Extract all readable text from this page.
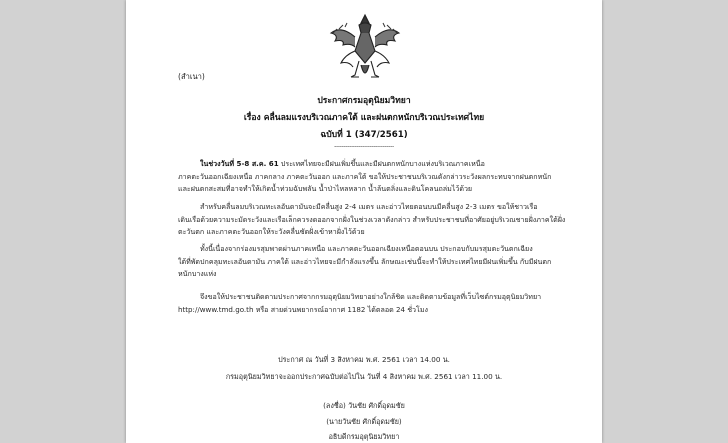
(สำเนา)
ประกาศกรมอุตุนิยมวิทยา
เรื่อง คลื่นลมแรงบริเวณภาคใต้ และฝนตกหนักบริเวณประเทศไทย
ฉบับที่ 1 (347/2561)
--------------------------------
ในช่วงวันที่ 5-8 ส.ค. 61 ประเทศไทยจะมีฝนเพิ่มขึ้นและมีฝนตกหนักบางแห่งบริเวณภาคเหนือ
ภาคตะวันออกเฉียงเหนือ ภาคกลาง ภาคตะวันออก และภาคใต้ ขอให้ประชาชนบริเวณดังกล่าวระวังผลกระทบจากฝนตกหนัก
และฝนตกสะสมที่อาจทำให้เกิดน้ำท่วมฉับพลัน น้ำป่าไหลหลาก น้ำล้นตลิ่งและดินโคลนถล่มไว้ด้วย
สำหรับคลื่นลมบริเวณทะเลอันดามันจะมีคลื่นสูง 2-4 เมตร และอ่าวไทยตอนบนมีคลื่นสูง 2-3 เมตร ขอให้ชาวเรือ
เดินเรือด้วยความระมัดระวังและเรือเล็กควรงดออกจากฝั่งในช่วงเวลาดังกล่าว สำหรับประชาชนที่อาศัยอยู่บริเวณชายฝั่งภาคใต้ฝั่ง
ตะวันตก และภาคตะวันออกให้ระวังคลื่นซัดฝั่งเข้าหาฝั่งไว้ด้วย
ทั้งนี้เนื่องจากร่องมรสุมพาดผ่านภาคเหนือ และภาคตะวันออกเฉียงเหนือตอนบน ประกอบกับมรสุมตะวันตกเฉียง
ใต้ที่พัดปกคลุมทะเลอันดามัน ภาคใต้ และอ่าวไทยจะมีกำลังแรงขึ้น ลักษณะเช่นนี้จะทำให้ประเทศไทยมีฝนเพิ่มขึ้น กับมีฝนตก
หนักบางแห่ง
จึงขอให้ประชาชนติดตามประกาศจากกรมอุตุนิยมวิทยาอย่างใกล้ชิด และติดตามข้อมูลที่เว็บไซต์กรมอุตุนิยมวิทยา
http://www.tmd.go.th หรือ สายด่วนพยากรณ์อากาศ 1182 ได้ตลอด 24 ชั่วโมง
ประกาศ ณ วันที่ 3 สิงหาคม พ.ศ. 2561 เวลา 14.00 น.
กรมอุตุนิยมวิทยาจะออกประกาศฉบับต่อไปใน วันที่ 4 สิงหาคม พ.ศ. 2561 เวลา 11.00 น.
(ลงชื่อ) วันชัย ศักดิ์อุดมชัย
(นายวันชัย ศักดิ์อุดมชัย)
อธิบดีกรมอุตุนิยมวิทยา
